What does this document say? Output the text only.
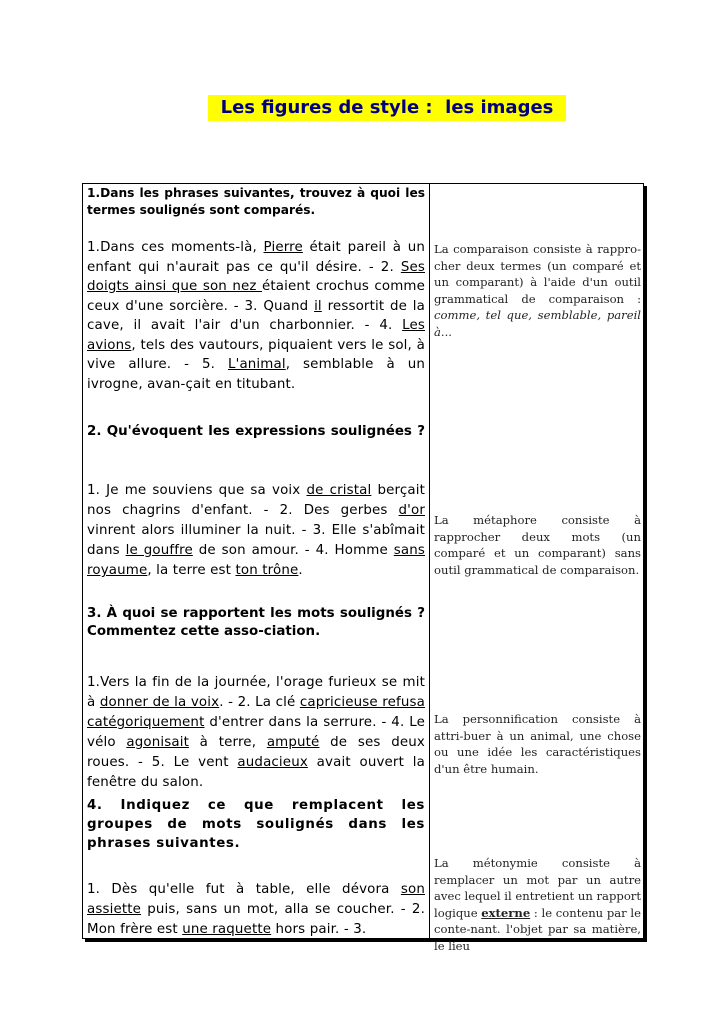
Les figures de style :  les images
1.Dans les phrases suivantes, trouvez à quoi les termes soulignés sont comparés.
1.Dans ces moments-là, Pierre était pareil à un enfant qui n'aurait pas ce qu'il désire. - 2. Ses doigts ainsi que son nez étaient crochus comme ceux d'une sorcière. - 3. Quand il ressortit de la cave, il avait l'air d'un charbonnier. - 4. Les avions, tels des vautours, piquaient vers le sol, à vive allure. - 5. L'animal, semblable à un ivrogne, avan-çait en titubant.
La comparaison consiste à rappro-cher deux termes (un comparé et un comparant) à l'aide d'un outil grammatical de comparaison : comme, tel que, semblable, pareil à...
2. Qu'évoquent les expressions soulignées ?
1. Je me souviens que sa voix de cristal berçait nos chagrins d'enfant. - 2. Des gerbes d'or vinrent alors illuminer la nuit. - 3. Elle s'abîmait dans le gouffre de son amour. - 4. Homme sans royaume, la terre est ton trône.
La métaphore consiste à rapprocher deux mots (un comparé et un comparant) sans outil grammatical de comparaison.
3. À quoi se rapportent les mots soulignés ? Commentez cette asso-ciation.
1.Vers la fin de la journée, l'orage furieux se mit à donner de la voix. - 2. La clé capricieuse refusa catégoriquement d'entrer dans la serrure. - 4. Le vélo agonisait à terre, amputé de ses deux roues. - 5. Le vent audacieux avait ouvert la fenêtre du salon.
La personnification consiste à attri-buer à un animal, une chose ou une idée les caractéristiques d'un être humain.
4. Indiquez ce que remplacent les groupes de mots soulignés dans les phrases suivantes.
1. Dès qu'elle fut à table, elle dévora son assiette puis, sans un mot, alla se coucher. - 2. Mon frère est une raquette hors pair. - 3.
La métonymie consiste à remplacer un mot par un autre avec lequel il entretient un rapport logique externe : le contenu par le conte-nant. l'objet par sa matière, le lieu
